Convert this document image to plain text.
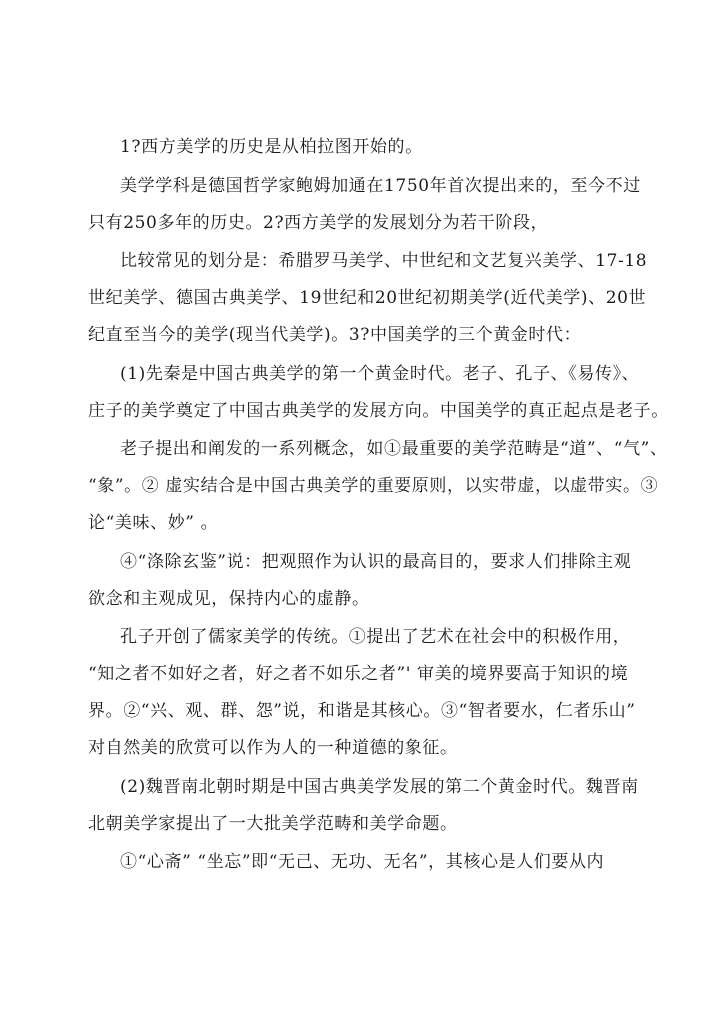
1?西方美学的历史是从柏拉图开始的。
美学学科是德国哲学家鲍姆加通在1750年首次提出来的，至今不过
只有250多年的历史。2?西方美学的发展划分为若干阶段，
比较常见的划分是：希腊罗马美学、中世纪和文艺复兴美学、17-18
世纪美学、德国古典美学、19世纪和20世纪初期美学(近代美学)、20世
纪直至当今的美学(现当代美学)。3?中国美学的三个黄金时代：
(1)先秦是中国古典美学的第一个黄金时代。老子、孔子、《易传》、
庄子的美学奠定了中国古典美学的发展方向。中国美学的真正起点是老子。
老子提出和阐发的一系列概念，如①最重要的美学范畴是“道”、“气”、
“象”。② 虚实结合是中国古典美学的重要原则，以实带虚，以虚带实。③
论“美味、妙” 。
④“涤除玄鉴”说：把观照作为认识的最高目的，要求人们排除主观
欲念和主观成见，保持内心的虚静。
孔子开创了儒家美学的传统。①提出了艺术在社会中的积极作用，
“知之者不如好之者，好之者不如乐之者”' 审美的境界要高于知识的境
界。②“兴、观、群、怨”说，和谐是其核心。③“智者要水，仁者乐山”
对自然美的欣赏可以作为人的一种道德的象征。
(2)魏晋南北朝时期是中国古典美学发展的第二个黄金时代。魏晋南
北朝美学家提出了一大批美学范畴和美学命题。
①“心斋” “坐忘”即“无己、无功、无名”，其核心是人们要从内
